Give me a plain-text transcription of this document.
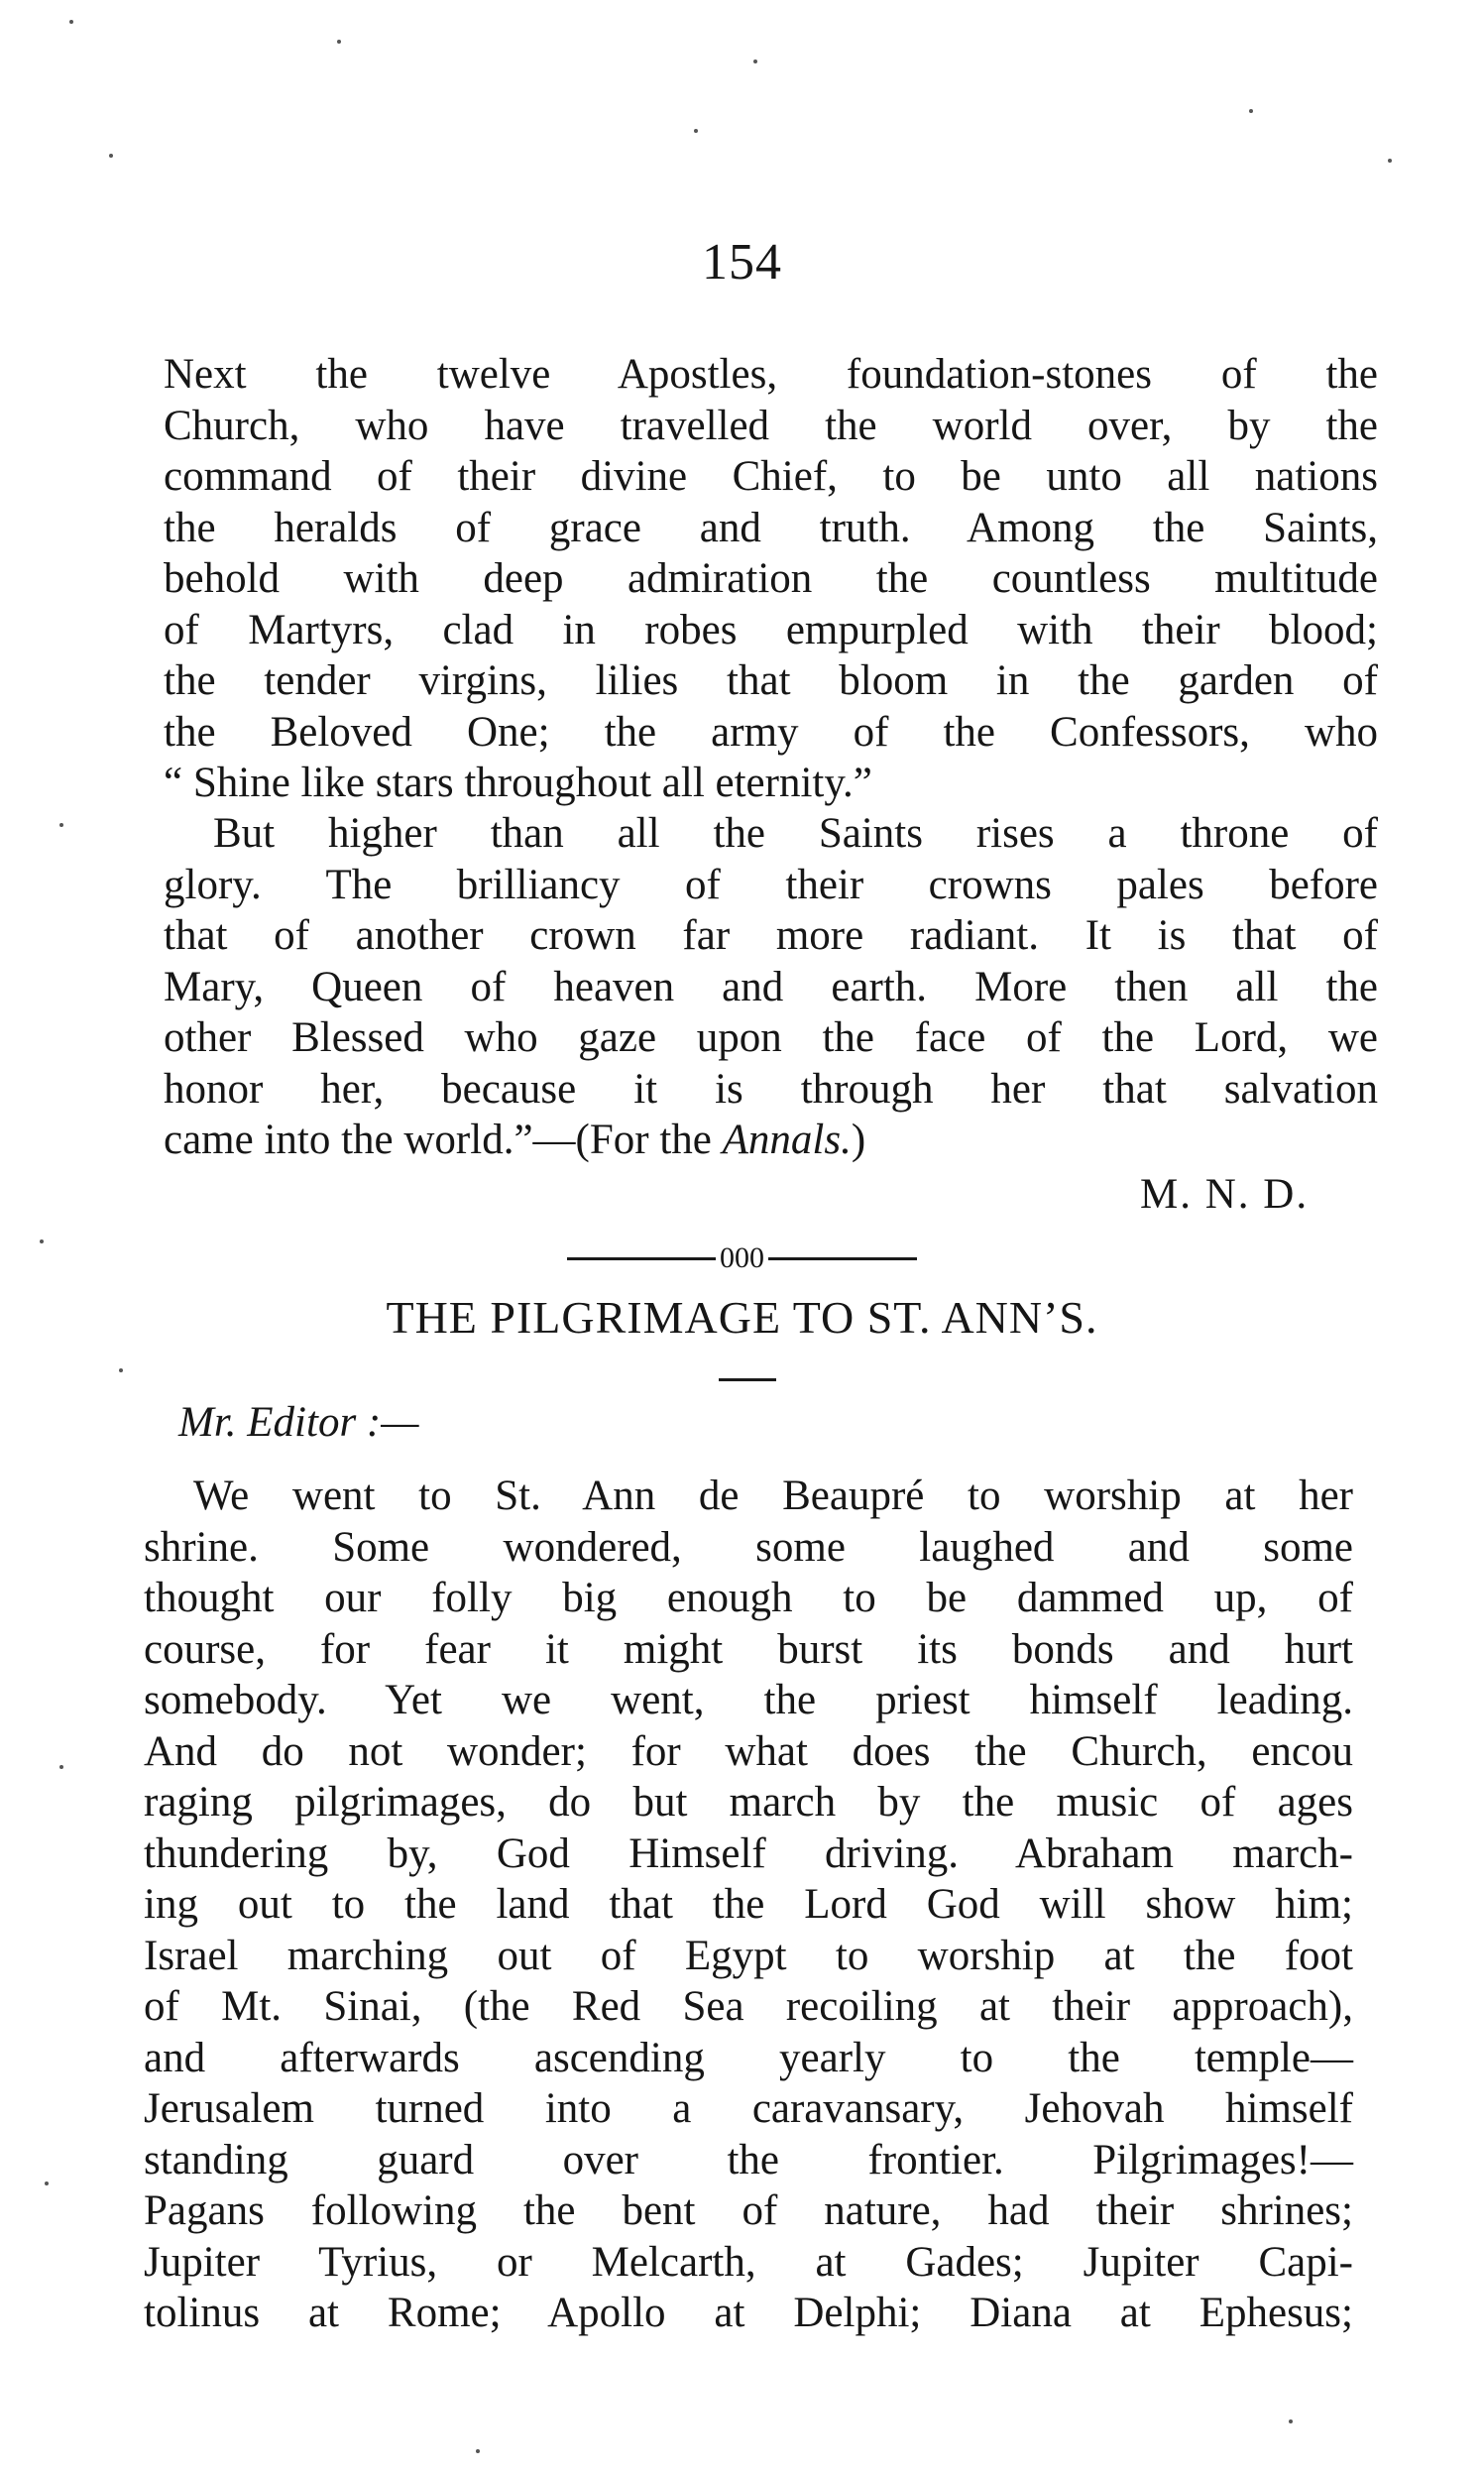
154
Next the twelve Apostles, foundation-stones of the
Church, who have travelled the world over, by the
command of their divine Chief, to be unto all nations
the heralds of grace and truth. Among the Saints,
behold with deep admiration the countless multitude
of Martyrs, clad in robes empurpled with their blood;
the tender virgins, lilies that bloom in the garden of
the Beloved One; the army of the Confessors, who
“ Shine like stars throughout all eternity.”
But higher than all the Saints rises a throne of
glory. The brilliancy of their crowns pales before
that of another crown far more radiant. It is that of
Mary, Queen of heaven and earth. More then all the
other Blessed who gaze upon the face of the Lord, we
honor her, because it is through her that salvation
came into the world.”—(For the Annals.)
M. N. D.
000
THE PILGRIMAGE TO ST. ANN’S.
Mr. Editor :—
We went to St. Ann de Beaupré to worship at her
shrine. Some wondered, some laughed and some
thought our folly big enough to be dammed up, of
course, for fear it might burst its bonds and hurt
somebody. Yet we went, the priest himself leading.
And do not wonder; for what does the Church, encou
raging pilgrimages, do but march by the music of ages
thundering by, God Himself driving. Abraham march-
ing out to the land that the Lord God will show him;
Israel marching out of Egypt to worship at the foot
of Mt. Sinai, (the Red Sea recoiling at their approach),
and afterwards ascending yearly to the temple—
Jerusalem turned into a caravansary, Jehovah himself
standing guard over the frontier. Pilgrimages!—
Pagans following the bent of nature, had their shrines;
Jupiter Tyrius, or Melcarth, at Gades; Jupiter Capi-
tolinus at Rome; Apollo at Delphi; Diana at Ephesus;
